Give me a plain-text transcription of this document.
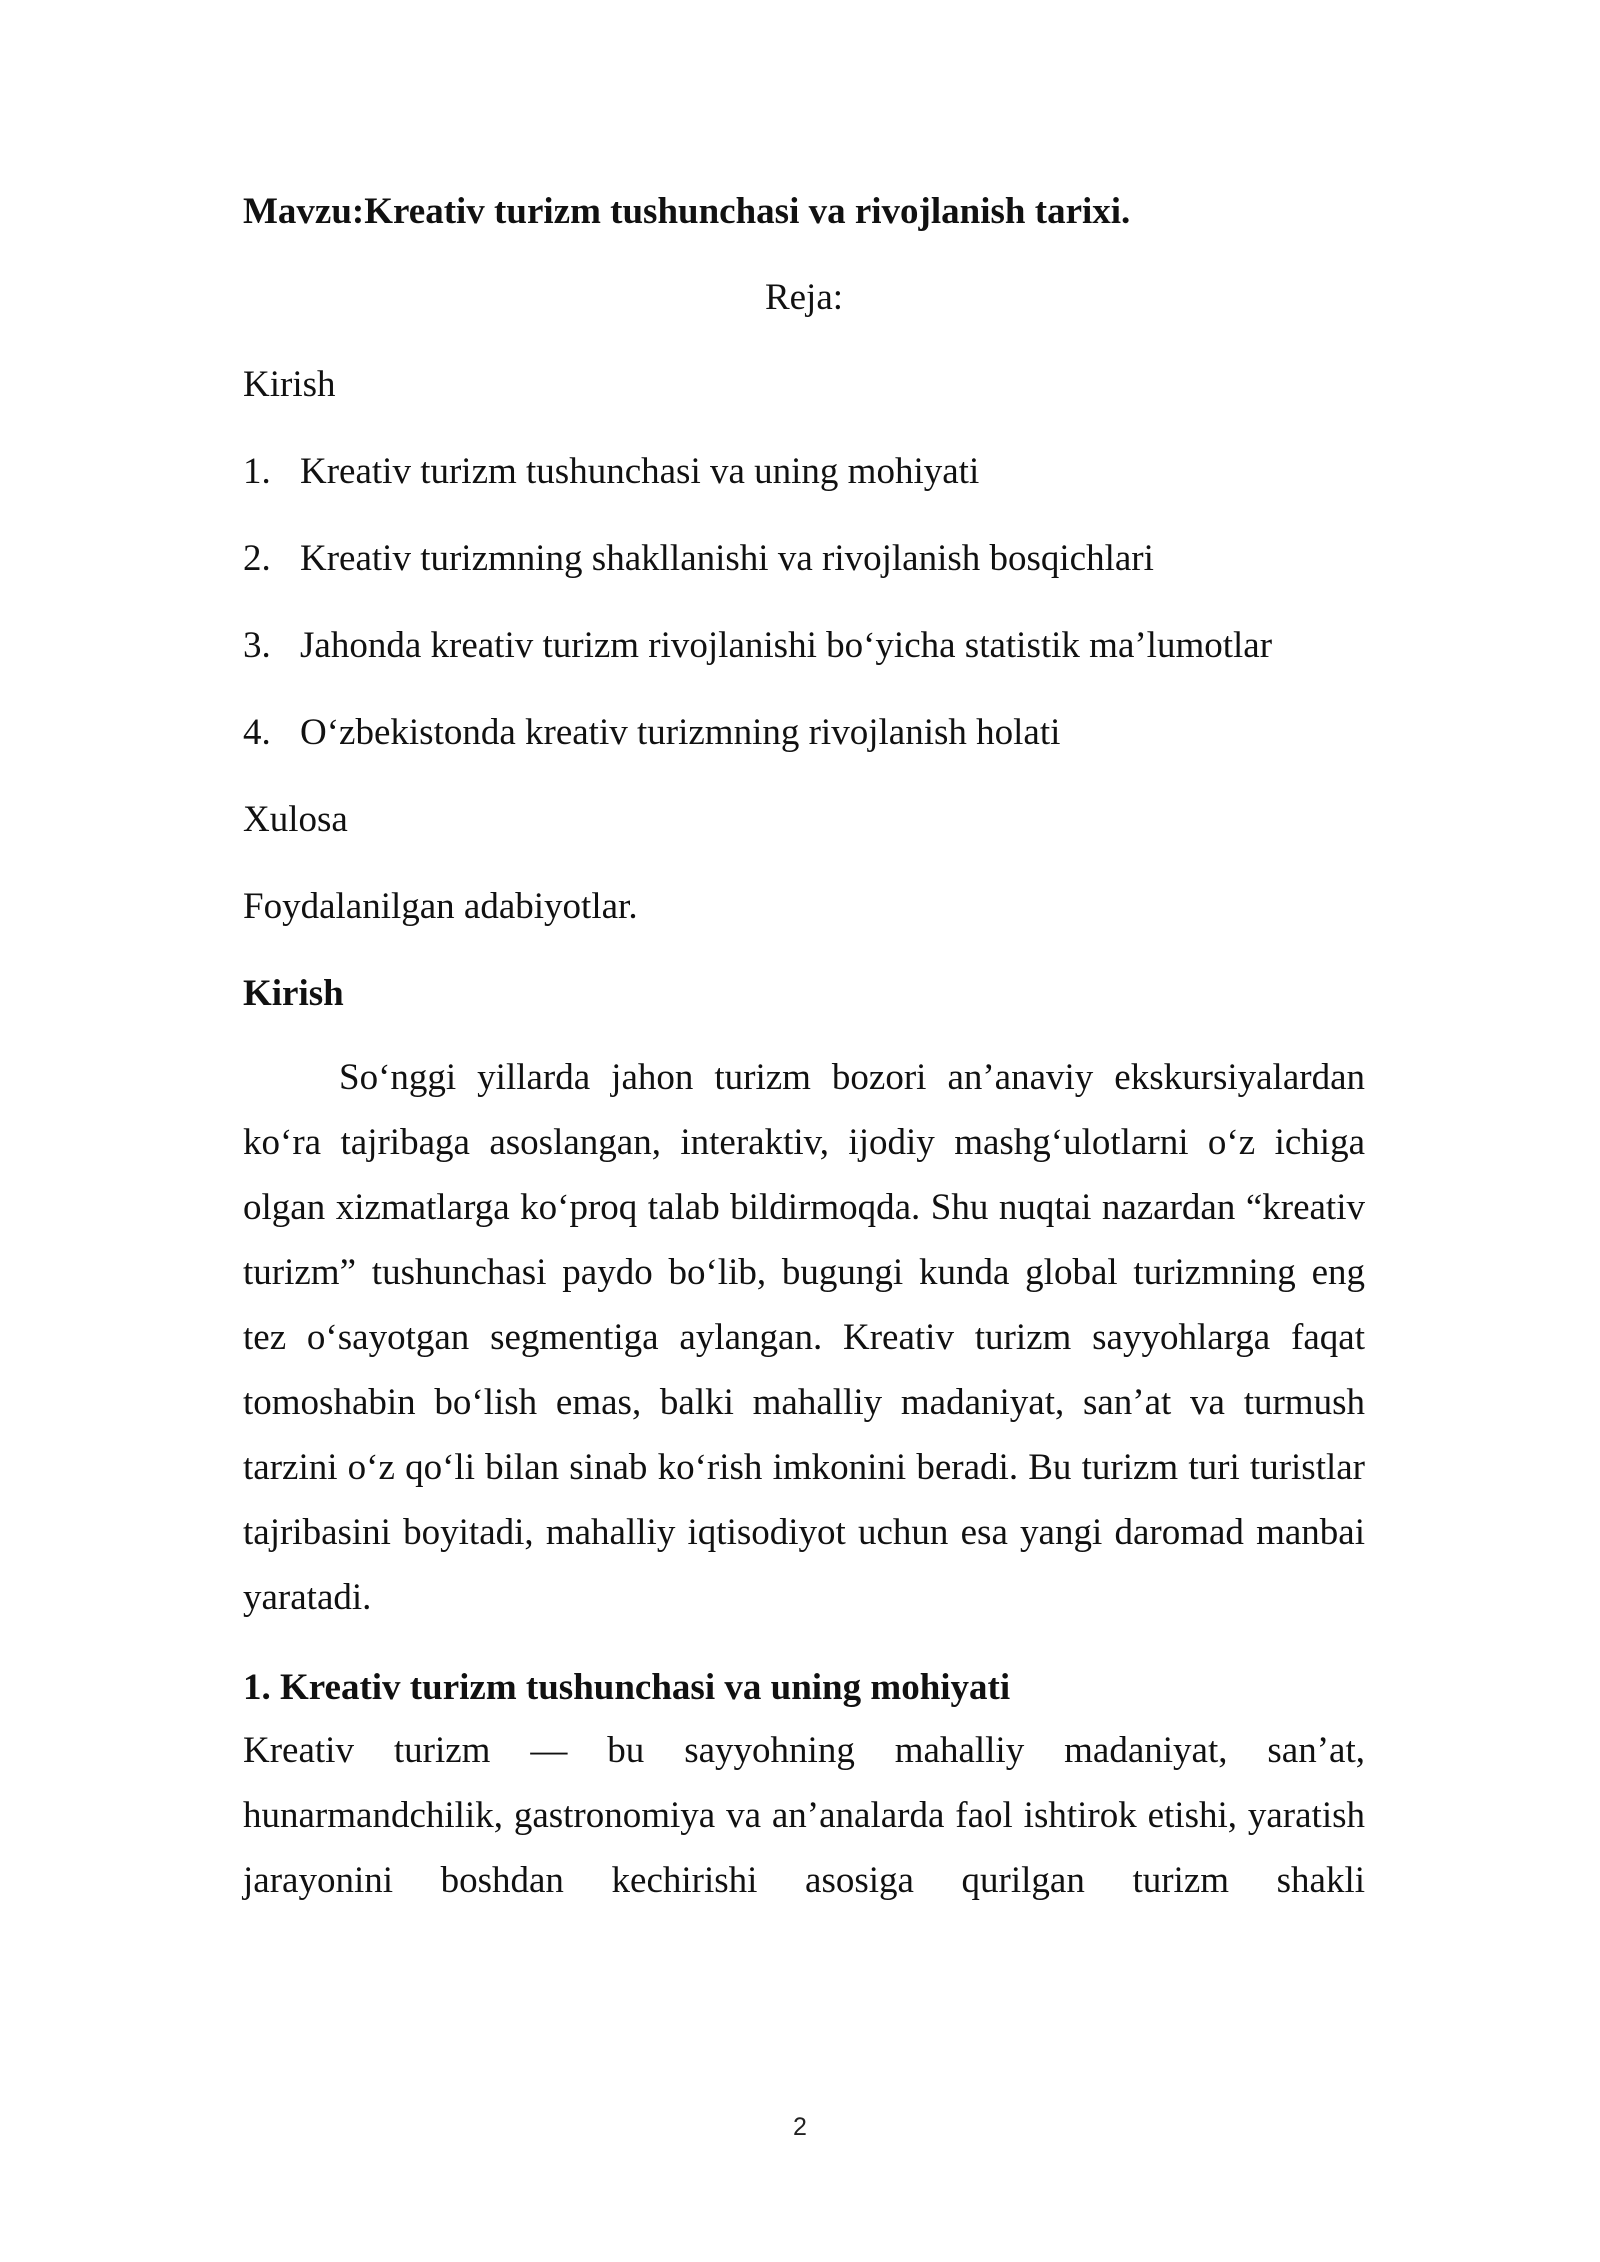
Mavzu:Kreativ turizm tushunchasi va rivojlanish tarixi.
Reja:
Kirish
1. Kreativ turizm tushunchasi va uning mohiyati
2. Kreativ turizmning shakllanishi va rivojlanish bosqichlari
3. Jahonda kreativ turizm rivojlanishi bo‘yicha statistik ma’lumotlar
4. O‘zbekistonda kreativ turizmning rivojlanish holati
Xulosa
Foydalanilgan adabiyotlar.
Kirish

So‘nggi yillarda jahon turizm bozori an’anaviy ekskursiyalardan ko‘ra tajribaga asoslangan, interaktiv, ijodiy mashg‘ulotlarni o‘z ichiga olgan xizmatlarga ko‘proq talab bildirmoqda. Shu nuqtai nazardan “kreativ turizm” tushunchasi paydo bo‘lib, bugungi kunda global turizmning eng tez o‘sayotgan segmentiga aylangan. Kreativ turizm sayyohlarga faqat tomoshabin bo‘lish emas, balki mahalliy madaniyat, san’at va turmush tarzini o‘z qo‘li bilan sinab ko‘rish imkonini beradi. Bu turizm turi turistlar tajribasini boyitadi, mahalliy iqtisodiyot uchun esa yangi daromad manbai yaratadi.

1. Kreativ turizm tushunchasi va uning mohiyati

Kreativ turizm — bu sayyohning mahalliy madaniyat, san’at, hunarmandchilik, gastronomiya va an’analarda faol ishtirok etishi, yaratish jarayonini boshdan kechirishi asosiga qurilgan turizm shakli

2
